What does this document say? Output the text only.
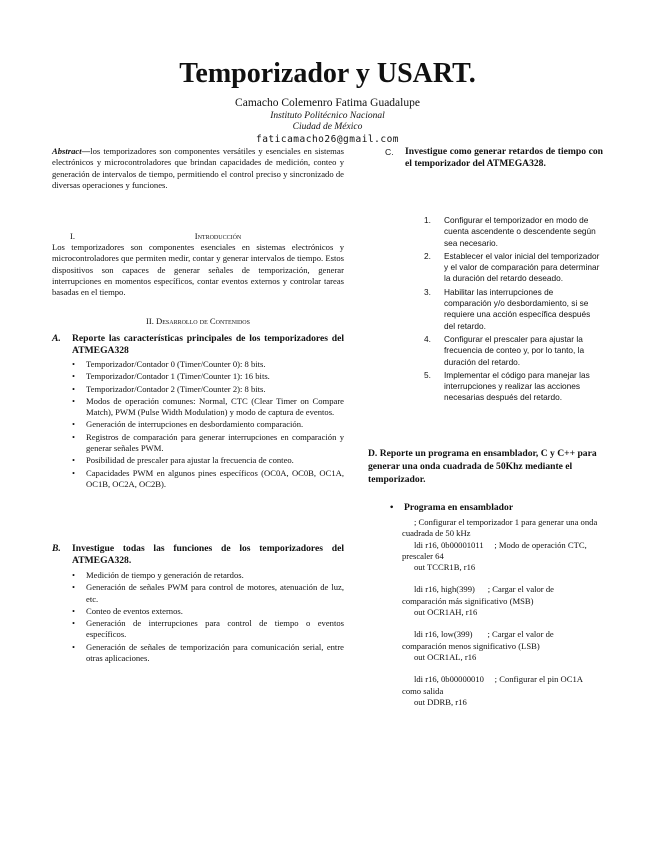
Temporizador y USART.
Camacho Colemenro Fatima Guadalupe
Instituto Politécnico Nacional
Ciudad de México
faticamacho26@gmail.com
Abstract—los temporizadores son componentes versátiles y esenciales en sistemas electrónicos y microcontroladores que brindan capacidades de medición, conteo y generación de intervalos de tiempo, permitiendo el control preciso y sincronizado de diversas operaciones y funciones.
I.	Introducción
Los temporizadores son componentes esenciales en sistemas electrónicos y microcontroladores que permiten medir, contar y generar intervalos de tiempo. Estos dispositivos son capaces de generar señales de temporización, generar interrupciones en momentos específicos, contar eventos externos y controlar tareas basadas en el tiempo.
II. Desarrollo de Contenidos
A. Reporte las características principales de los temporizadores del ATMEGA328
• Temporizador/Contador 0 (Timer/Counter 0): 8 bits.
• Temporizador/Contador 1 (Timer/Counter 1): 16 bits.
• Temporizador/Contador 2 (Timer/Counter 2): 8 bits.
• Modos de operación comunes: Normal, CTC (Clear Timer on Compare Match), PWM (Pulse Width Modulation) y modo de captura de eventos.
• Generación de interrupciones en desbordamiento comparación.
• Registros de comparación para generar interrupciones en comparación y generar señales PWM.
• Posibilidad de prescaler para ajustar la frecuencia de conteo.
• Capacidades PWM en algunos pines específicos (OC0A, OC0B, OC1A, OC1B, OC2A, OC2B).
B. Investigue todas las funciones de los temporizadores del ATMEGA328.
• Medición de tiempo y generación de retardos.
• Generación de señales PWM para control de motores, atenuación de luz, etc.
• Conteo de eventos externos.
• Generación de interrupciones para control de tiempo o eventos específicos.
• Generación de señales de temporización para comunicación serial, entre otras aplicaciones.
C. Investigue como generar retardos de tiempo con el temporizador del ATMEGA328.
1. Configurar el temporizador en modo de cuenta ascendente o descendente según sea necesario.
2. Establecer el valor inicial del temporizador y el valor de comparación para determinar la duración del retardo deseado.
3. Habilitar las interrupciones de comparación y/o desbordamiento, si se requiere una acción específica después del retardo.
4. Configurar el prescaler para ajustar la frecuencia de conteo y, por lo tanto, la duración del retardo.
5. Implementar el código para manejar las interrupciones y realizar las acciones necesarias después del retardo.
D. Reporte un programa en ensamblador, C y C++ para generar una onda cuadrada de 50Khz mediante el temporizador.
• Programa en ensamblador

; Configurar el temporizador 1 para generar una onda cuadrada de 50 kHz

ldi r16, 0b00001011     ; Modo de operación CTC, prescaler 64

out TCCR1B, r16

ldi r16, high(399)      ; Cargar el valor de comparación más significativo (MSB)

out OCR1AH, r16

ldi r16, low(399)       ; Cargar el valor de comparación menos significativo (LSB)

out OCR1AL, r16

ldi r16, 0b00000010     ; Configurar el pin OC1A como salida

out DDRB, r16
